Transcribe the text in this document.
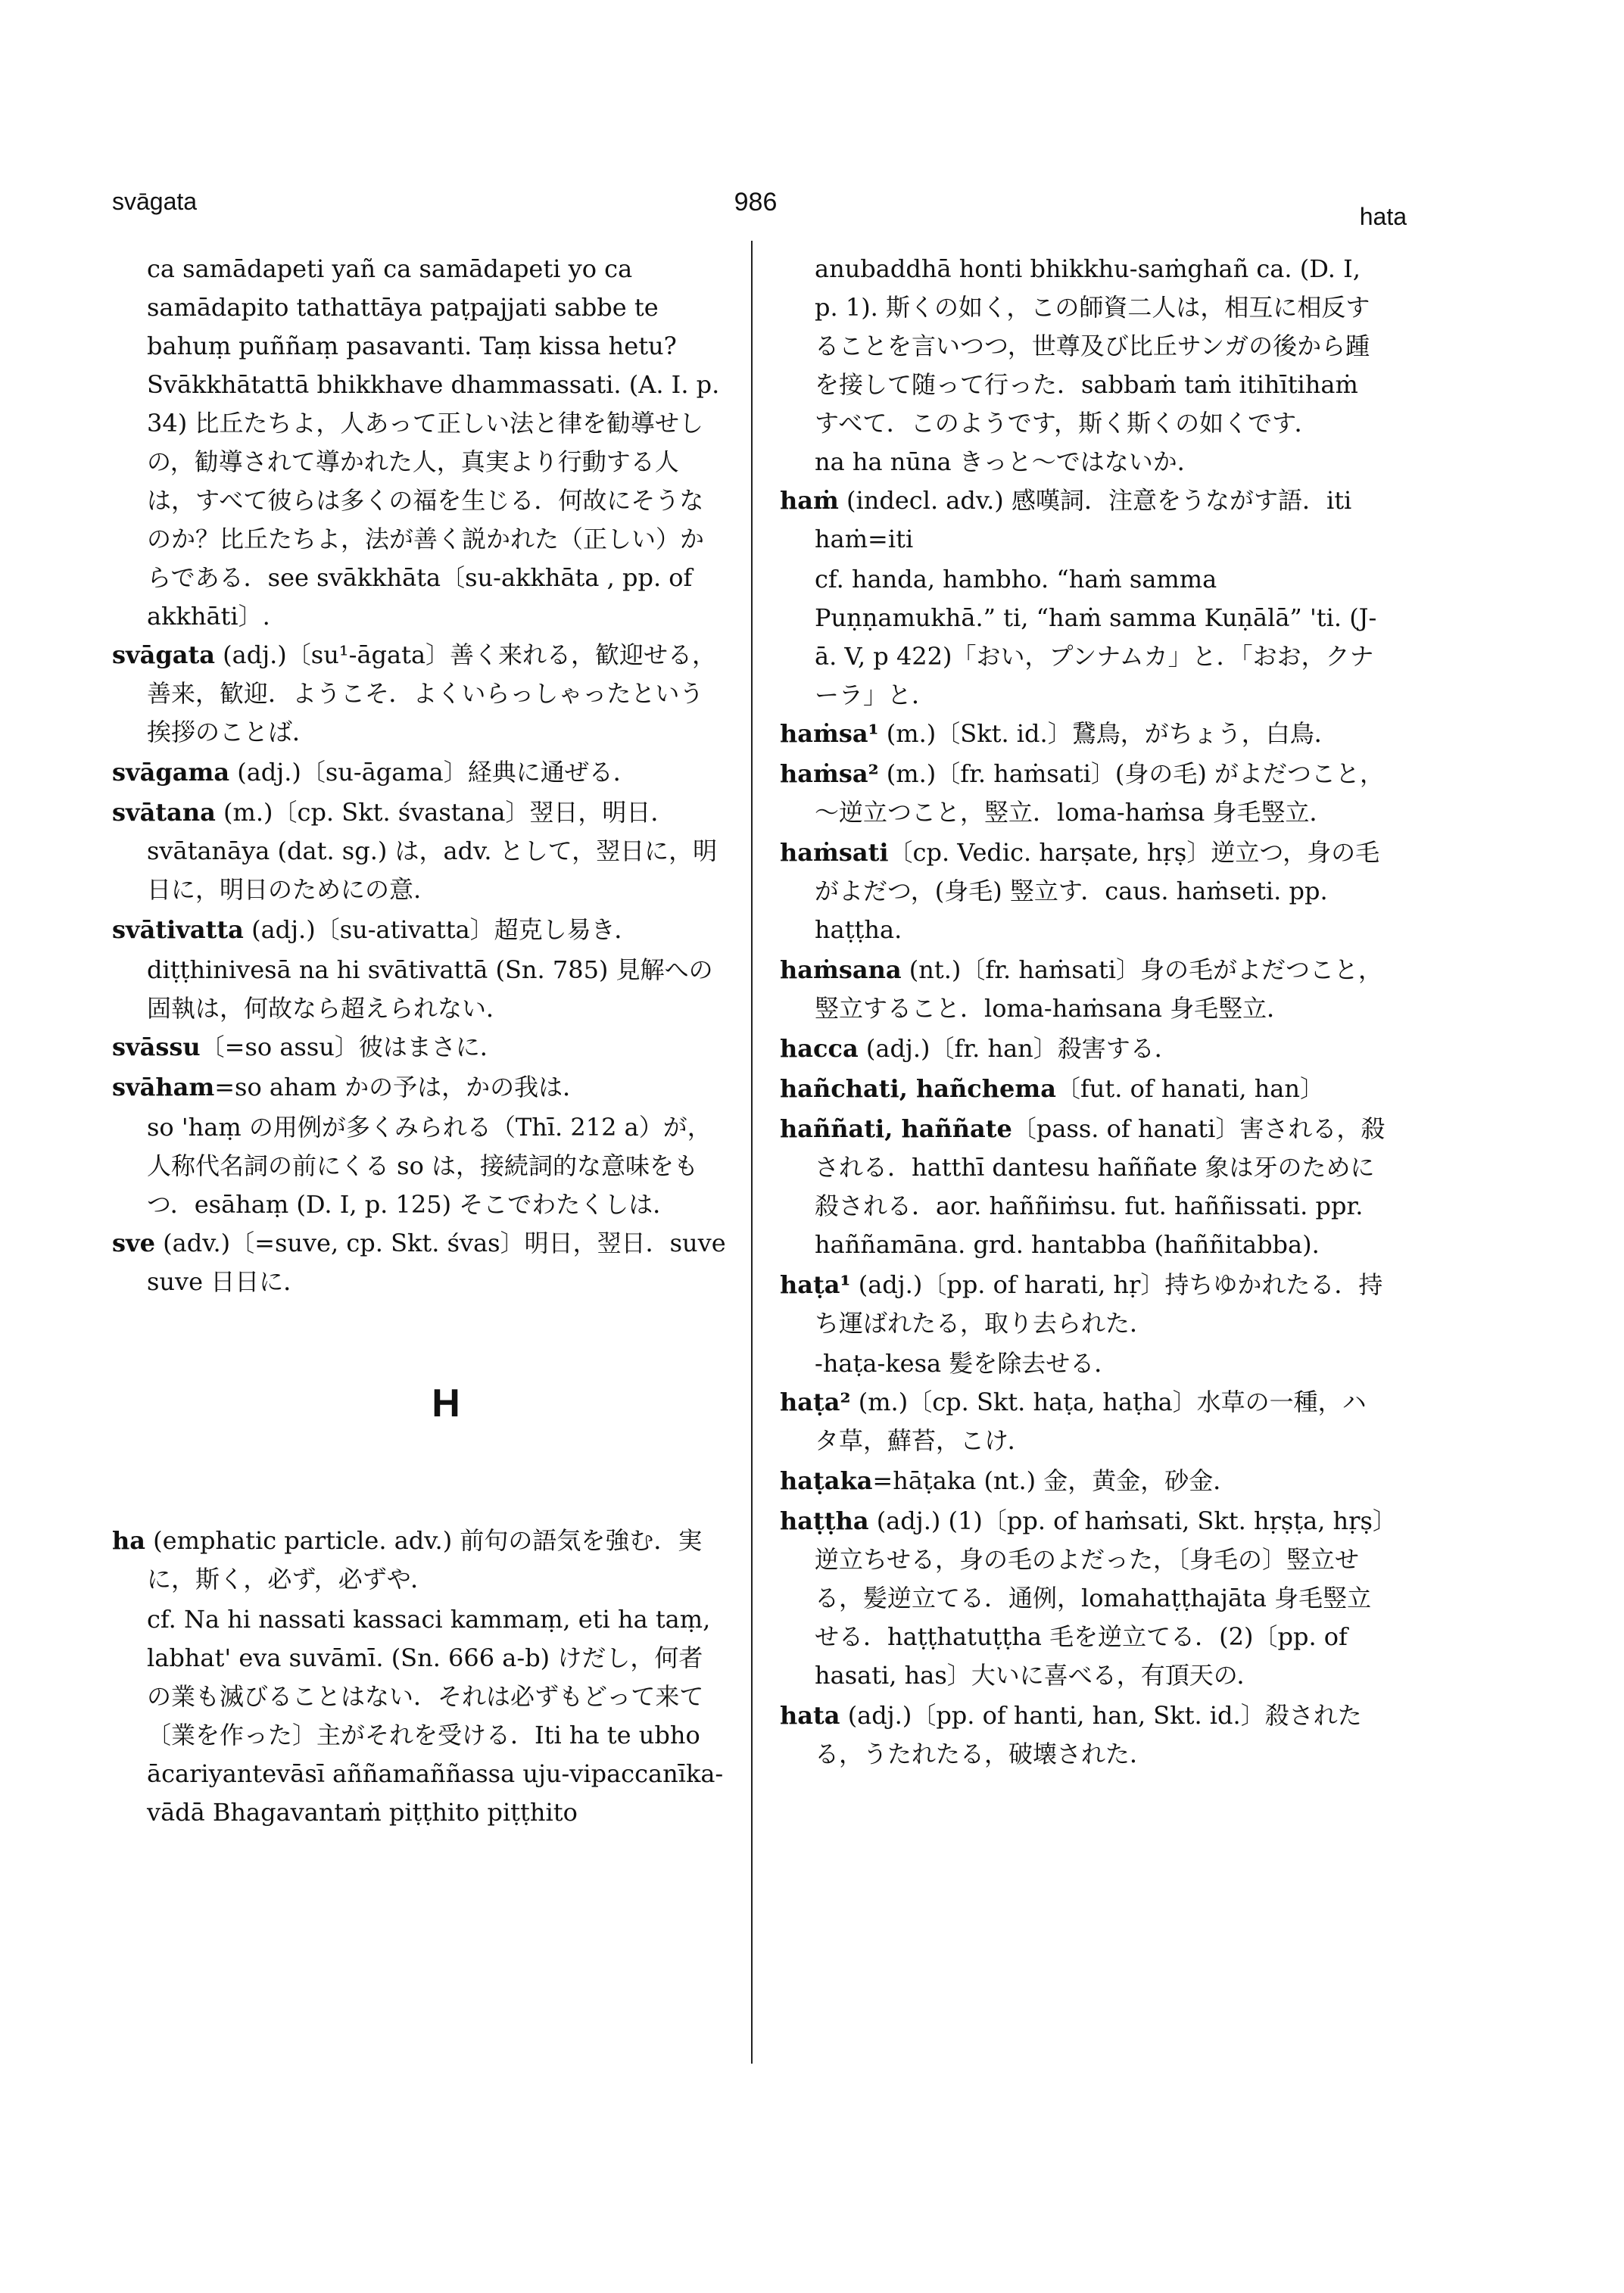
svāgata	986	hata

ca samādapeti yañ ca samādapeti yo ca samādapito tathattāya paṭpajjati sabbe te bahuṃ puññaṃ pasavanti. Taṃ kissa hetu? Svākkhātattā bhikkhave dhammassati. (A. I. p. 34) 比丘たちよ，人あって正しい法と律を勧導せしの，勧導されて導かれた人，真実より行動する人は，すべて彼らは多くの福を生じる．何故にそうなのか？比丘たちよ，法が善く説かれた（正しい）からである．see svākkhāta〔su-akkhāta , pp. of akkhāti〕.

svāgata (adj.)〔su¹-āgata〕善く来れる，歓迎せる，善来，歓迎．ようこそ．よくいらっしゃったという挨拶のことば．

svāgama (adj.)〔su-āgama〕経典に通ぜる．

svātana (m.)〔cp. Skt. śvastana〕翌日，明日．svātanāya (dat. sg.) は，adv. として，翌日に，明日に，明日のためにの意.

svātivatta (adj.)〔su-ativatta〕超克し易き．

diṭṭhinivesā na hi svātivattā (Sn. 785) 見解への固執は，何故なら超えられない．

svāssu〔=so assu〕彼はまさに．

svāham=so aham かの予は，かの我は．

so 'haṃ の用例が多くみられる（Thī. 212 a）が，人称代名詞の前にくる so は，接続詞的な意味をもつ．esāhaṃ (D. I, p. 125) そこでわたくしは．

sve (adv.)〔=suve, cp. Skt. śvas〕明日，翌日．suve suve 日日に．

H

ha (emphatic particle. adv.) 前句の語気を強む．実に，斯く，必ず，必ずや．

cf. Na hi nassati kassaci kammaṃ, eti ha taṃ, labhat' eva suvāmī. (Sn. 666 a-b) けだし，何者の業も滅びることはない．それは必ずもどって来て〔業を作った〕主がそれを受ける．Iti ha te ubho ācariyantevāsī aññamaññassa uju-vipaccanīka-vādā Bhagavantaṁ piṭṭhito piṭṭhito

anubaddhā honti bhikkhu-saṁghañ ca. (D. I, p. 1). 斯くの如く，この師資二人は，相互に相反することを言いつつ，世尊及び比丘サンガの後から踵を接して随って行った．sabbaṁ taṁ itihītihaṁ すべて．このようです，斯く斯くの如くです．

na ha nūna きっと～ではないか．

haṁ (indecl. adv.) 感嘆詞．注意をうながす語．iti haṁ=iti

cf. handa, hambho. “haṁ samma Puṇṇamukhā.” ti, “haṁ samma Kuṇālā” 'ti. (J-ā. V, p 422)「おい，プンナムカ」と．「おお，クナーラ」と．

haṁsa¹ (m.)〔Skt. id.〕鵞鳥，がちょう，白鳥．

haṁsa² (m.)〔fr. haṁsati〕(身の毛) がよだつこと，～逆立つこと，竪立．loma-haṁsa 身毛竪立．

haṁsati〔cp. Vedic. harṣate, hṛṣ〕逆立つ，身の毛がよだつ，(身毛) 竪立す．caus. haṁseti. pp. haṭṭha.

haṁsana (nt.)〔fr. haṁsati〕身の毛がよだつこと，竪立すること．loma-haṁsana 身毛竪立．

hacca (adj.)〔fr. han〕殺害する．

hañchati, hañchema〔fut. of hanati, han〕

haññati, haññate〔pass. of hanati〕害される，殺される．hatthī dantesu haññate 象は牙のために殺される．aor. haññiṁsu. fut. haññissati. ppr. haññamāna. grd. hantabba (haññitabba).

haṭa¹ (adj.)〔pp. of harati, hṛ〕持ちゆかれたる．持ち運ばれたる，取り去られた．

-haṭa-kesa 髪を除去せる．

haṭa² (m.)〔cp. Skt. haṭa, haṭha〕水草の一種，ハタ草，蘚苔，こけ．

haṭaka=hāṭaka (nt.) 金，黄金，砂金．

haṭṭha (adj.) (1)〔pp. of haṁsati, Skt. hṛṣṭa, hṛṣ〕逆立ちせる，身の毛のよだった，〔身毛の〕竪立せる，髪逆立てる．通例，lomahaṭṭhajāta 身毛竪立せる．haṭṭhatuṭṭha 毛を逆立てる．(2)〔pp. of hasati, has〕大いに喜べる，有頂天の．

hata (adj.)〔pp. of hanti, han, Skt. id.〕殺されたる，うたれたる，破壊された．
